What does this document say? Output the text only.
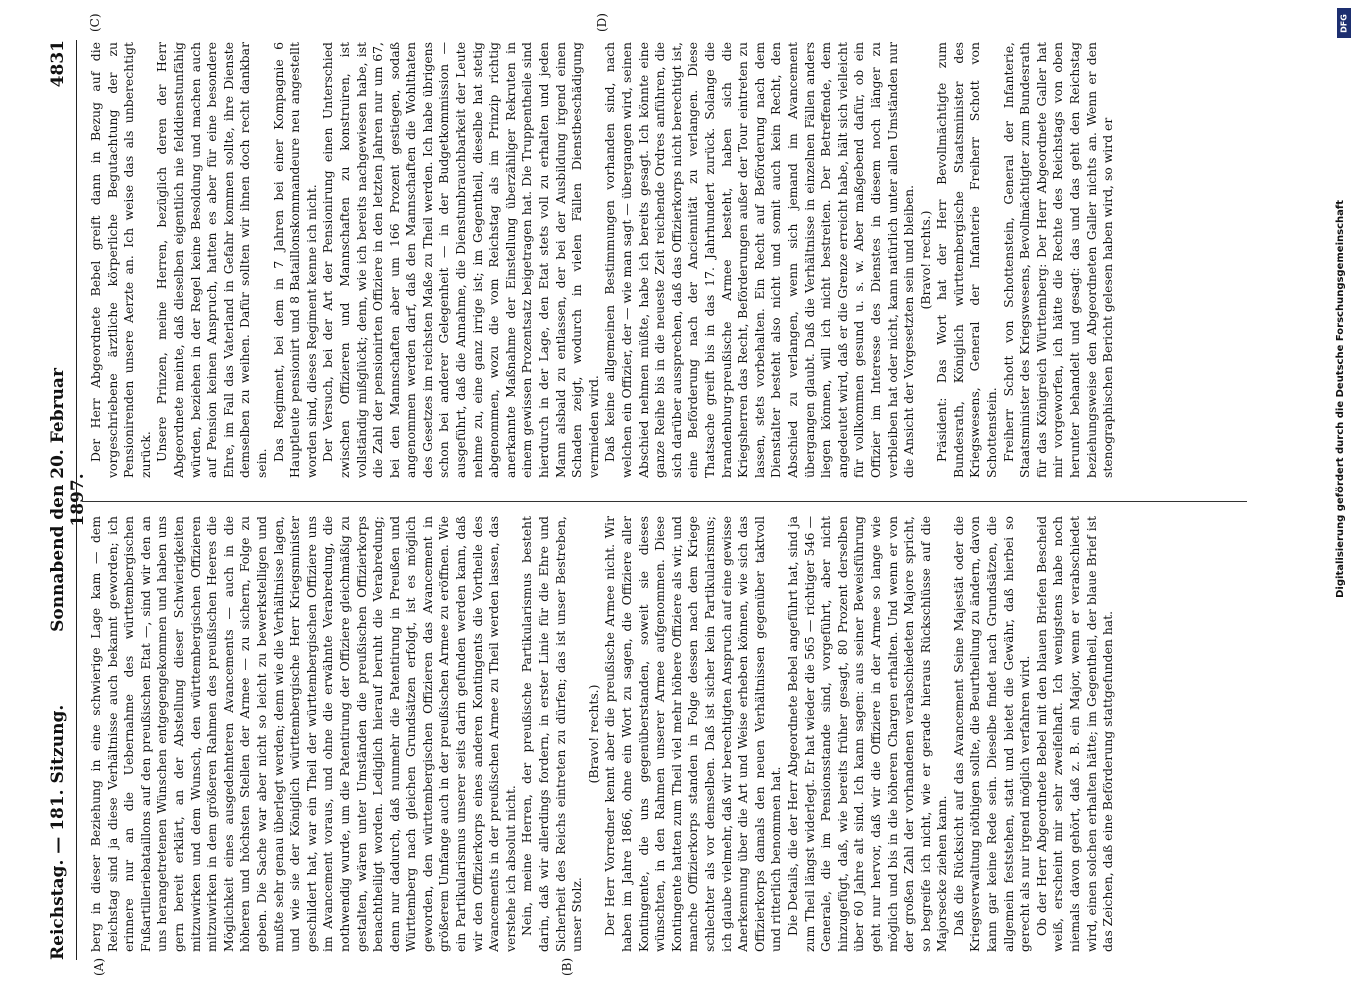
Reichstag. — 181. Sitzung.
Sonnabend den 20. Februar 1897.
4831
(A)	(B)
(C)	(D)

berg in dieser Beziehung in eine schwierige Lage kam — dem Reichstag sind ja diese Verhältnisse auch bekannt geworden; ich erinnere nur an die Uebernahme des württembergischen Fußartilleriebataillons auf den preußischen Etat —, sind wir den an uns herangetretenen Wünschen entgegengekommen und haben uns gern bereit erklärt, an der Abstellung dieser Schwierigkeiten mitzuwirken und dem Wunsch, den württembergischen Offizieren mitzuwirken in dem größeren Rahmen des preußischen Heeres die Möglichkeit eines ausgedehnteren Avancements — auch in die höheren und höchsten Stellen der Armee — zu sichern, Folge zu geben. Die Sache war aber nicht so leicht zu bewerkstelligen und mußte sehr genau überlegt werden; denn wie die Verhältnisse lagen, und wie sie der Königlich württembergische Herr Kriegsminister geschildert hat, war ein Theil der württembergischen Offiziere uns im Avancement voraus, und ohne die erwähnte Verabredung, die nothwendig wurde, um die Patentirung der Offiziere gleichmäßig zu gestalten, wären unter Umständen die preußischen Offizierkorps benachtheiligt worden. Lediglich hierauf beruht die Verabredung; denn nur dadurch, daß nunmehr die Patentirung in Preußen und Württemberg nach gleichen Grundsätzen erfolgt, ist es möglich geworden, den württembergischen Offizieren das Avancement in größerem Umfange auch in der preußischen Armee zu eröffnen. Wie ein Partikularismus unserer seits darin gefunden werden kann, daß wir den Offizierkorps eines anderen Kontingents die Vortheile des Avancements in der preußischen Armee zu Theil werden lassen, das verstehe ich absolut nicht. Nein, meine Herren, der preußische Partikularismus besteht darin, daß wir allerdings fordern, in erster Linie für die Ehre und Sicherheit des Reichs eintreten zu dürfen; das ist unser Bestreben, unser Stolz.

(Bravo! rechts.) Der Herr Vorredner kennt aber die preußische Armee nicht. Wir haben im Jahre 1866, ohne ein Wort zu sagen, die Offiziere aller Kontingente, die uns gegenüberstanden, soweit sie dieses wünschten, in den Rahmen unserer Armee aufgenommen. Diese Kontingente hatten zum Theil viel mehr höhere Offiziere als wir, und manche Offizierkorps standen in Folge dessen nach dem Kriege schlechter als vor demselben. Daß ist sicher kein Partikularismus; ich glaube vielmehr, daß wir berechtigten Anspruch auf eine gewisse Anerkennung über die Art und Weise erheben können, wie sich das Offizierkorps damals den neuen Verhältnissen gegenüber taktvoll und ritterlich benommen hat. Die Details, die der Herr Abgeordnete Bebel angeführt hat, sind ja zum Theil längst widerlegt. Er hat wieder die 565 — richtiger 546 — Generale, die im Pensionsstande sind, vorgeführt, aber nicht hinzugefügt, daß, wie bereits früher gesagt, 80 Prozent derselben über 60 Jahre alt sind. Ich kann sagen: aus seiner Beweisführung geht nur hervor, daß wir die Offiziere in der Armee so lange wie möglich und bis in die höheren Chargen erhalten. Und wenn er von der großen Zahl der vorhandenen verabschiedeten Majore spricht, so begreife ich nicht, wie er gerade hieraus Rückschlüsse auf die Majorsecke ziehen kann. Daß die Rücksicht auf das Avancement Seine Majestät oder die Kriegsverwaltung nöthigen sollte, die Beurtheilung zu ändern, davon kann gar keine Rede sein. Dieselbe findet nach Grundsätzen, die allgemein feststehen, statt und bietet die Gewähr, daß hierbei so gerecht als nur irgend möglich verfahren wird. Ob der Herr Abgeordnete Bebel mit den blauen Briefen Bescheid weiß, erscheint mir sehr zweifelhaft. Ich wenigstens habe noch niemals davon gehört, daß z. B. ein Major, wenn er verabschiedet wird, einen solchen erhalten hätte; im Gegentheil, der blaue Brief ist das Zeichen, daß eine Beförderung stattgefunden hat.

Der Herr Abgeordnete Bebel greift dann in Bezug auf die vorgeschriebene ärztliche körperliche Begutachtung der zu Pensionirenden unsere Aerzte an. Ich weise das als unberechtigt zurück. Unsere Prinzen, meine Herren, bezüglich deren der Herr Abgeordnete meinte, daß dieselben eigentlich nie felddienstunfähig würden, beziehen in der Regel keine Besoldung und machen auch auf Pension keinen Anspruch, hatten es aber für eine besondere Ehre, im Fall das Vaterland in Gefahr kommen sollte, ihre Dienste demselben zu weihen. Dafür sollten wir ihnen doch recht dankbar sein.

Das Regiment, bei dem in 7 Jahren bei einer Kompagnie 6 Hauptleute pensionirt und 8 Bataillonskommandeure neu angestellt worden sind, dieses Regiment kenne ich nicht. Der Versuch, bei der Art der Pensionirung einen Unterschied zwischen Offizieren und Mannschaften zu konstruiren, ist vollständig mißglückt; denn, wie ich bereits nachgewiesen habe, ist die Zahl der pensionirten Offiziere in den letzten Jahren nur um 67, bei den Mannschaften aber um 166 Prozent gestiegen, sodaß angenommen werden darf, daß den Mannschaften die Wohlthaten des Gesetzes im reichsten Maße zu Theil werden. Ich habe übrigens schon bei anderer Gelegenheit — in der Budgetkommission — ausgeführt, daß die Annahme, die Dienstunbrauchbarkeit der Leute nehme zu, eine ganz irrige ist; im Gegentheil, dieselbe hat stetig abgenommen, wozu die vom Reichstag als im Prinzip richtig anerkannte Maßnahme der Einstellung überzähliger Rekruten in einem gewissen Prozentsatz beigetragen hat. Die Truppentheile sind hierdurch in der Lage, den Etat stets voll zu erhalten und jeden Mann alsbald zu entlassen, der bei der Ausbildung irgend einen Schaden zeigt, wodurch in vielen Fällen Dienstbeschädigung vermieden wird. Daß keine allgemeinen Bestimmungen vorhanden sind, nach welchen ein Offizier, der — wie man sagt — übergangen wird, seinen Abschied nehmen müßte, habe ich bereits gesagt. Ich könnte eine ganze Reihe bis in die neueste Zeit reichende Ordres anführen, die sich darüber aussprechen, daß das Offizierkorps nicht berechtigt ist, eine Beförderung nach der Anciennität zu verlangen. Diese Thatsache greift bis in das 17. Jahrhundert zurück. Solange die brandenburg-preußische Armee besteht, haben sich die Kriegsherren das Recht, Beförderungen außer der Tour eintreten zu lassen, stets vorbehalten. Ein Recht auf Beförderung nach dem Dienstalter besteht also nicht und somit auch kein Recht, den Abschied zu verlangen, wenn sich jemand im Avancement übergangen glaubt. Daß die Verhältnisse in einzelnen Fällen anders liegen können, will ich nicht bestreiten. Der Betreffende, dem angedeutet wird, daß er die Grenze erreicht habe, hält sich vielleicht für vollkommen gesund u. s. w. Aber maßgebend dafür, ob ein Offizier im Interesse des Dienstes in diesem noch länger zu verbleiben hat oder nicht, kann natürlich unter allen Umständen nur die Ansicht der Vorgesetzten sein und bleiben. (Bravo! rechts.) Präsident: Das Wort hat der Herr Bevollmächtigte zum Bundesrath, Königlich württembergische Staatsminister des Kriegswesens, General der Infanterie Freiherr Schott von Schottenstein. Freiherr Schott von Schottenstein, General der Infanterie, Staatsminister des Kriegswesens, Bevollmächtigter zum Bundesrath für das Königreich Württemberg: Der Herr Abgeordnete Galler hat mir vorgeworfen, ich hätte die Rechte des Reichstags von oben herunter behandelt und gesagt: das und das geht den Reichstag beziehungsweise den Abgeordneten Galler nichts an. Wenn er den stenographischen Bericht gelesen haben wird, so wird er	Digitalisierung gefördert durch die Deutsche Forschungsgemeinschaft
DFG
